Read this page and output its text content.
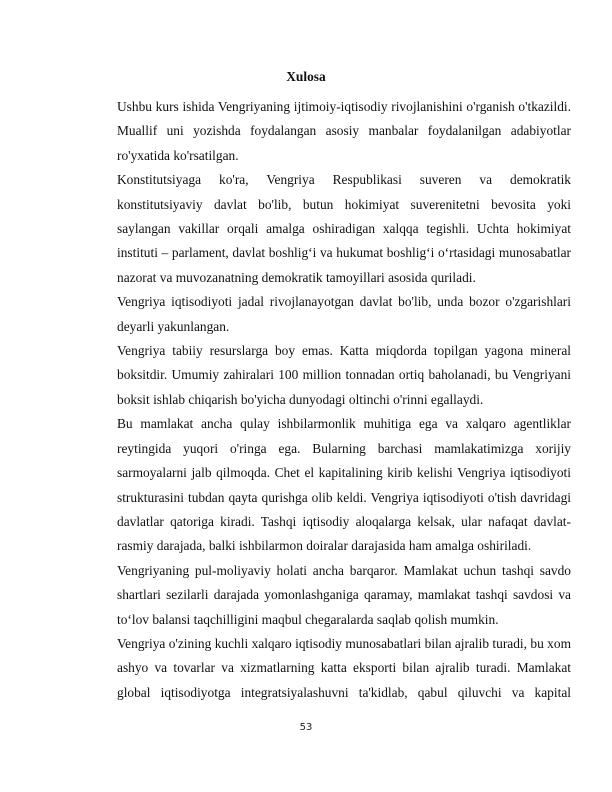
Xulosa

Ushbu kurs ishida Vengriyaning ijtimoiy-iqtisodiy rivojlanishini o'rganish o'tkazildi. Muallif uni yozishda foydalangan asosiy manbalar foydalanilgan adabiyotlar ro'yxatida ko'rsatilgan.

Konstitutsiyaga ko'ra, Vengriya Respublikasi suveren va demokratik konstitutsiyaviy davlat bo'lib, butun hokimiyat suverenitetni bevosita yoki saylangan vakillar orqali amalga oshiradigan xalqqa tegishli. Uchta hokimiyat instituti – parlament, davlat boshlig‘i va hukumat boshlig‘i o‘rtasidagi munosabatlar nazorat va muvozanatning demokratik tamoyillari asosida quriladi.

Vengriya iqtisodiyoti jadal rivojlanayotgan davlat bo'lib, unda bozor o'zgarishlari deyarli yakunlangan.

Vengriya tabiiy resurslarga boy emas. Katta miqdorda topilgan yagona mineral boksitdir. Umumiy zahiralari 100 million tonnadan ortiq baholanadi, bu Vengriyani boksit ishlab chiqarish bo'yicha dunyodagi oltinchi o'rinni egallaydi.

Bu mamlakat ancha qulay ishbilarmonlik muhitiga ega va xalqaro agentliklar reytingida yuqori o'ringa ega. Bularning barchasi mamlakatimizga xorijiy sarmoyalarni jalb qilmoqda. Chet el kapitalining kirib kelishi Vengriya iqtisodiyoti strukturasini tubdan qayta qurishga olib keldi. Vengriya iqtisodiyoti o'tish davridagi davlatlar qatoriga kiradi. Tashqi iqtisodiy aloqalarga kelsak, ular nafaqat davlat-rasmiy darajada, balki ishbilarmon doiralar darajasida ham amalga oshiriladi.

Vengriyaning pul-moliyaviy holati ancha barqaror. Mamlakat uchun tashqi savdo shartlari sezilarli darajada yomonlashganiga qaramay, mamlakat tashqi savdosi va to‘lov balansi taqchilligini maqbul chegaralarda saqlab qolish mumkin.

Vengriya o'zining kuchli xalqaro iqtisodiy munosabatlari bilan ajralib turadi, bu xom ashyo va tovarlar va xizmatlarning katta eksporti bilan ajralib turadi. Mamlakat global iqtisodiyotga integratsiyalashuvni ta'kidlab, qabul qiluvchi va kapital

53
